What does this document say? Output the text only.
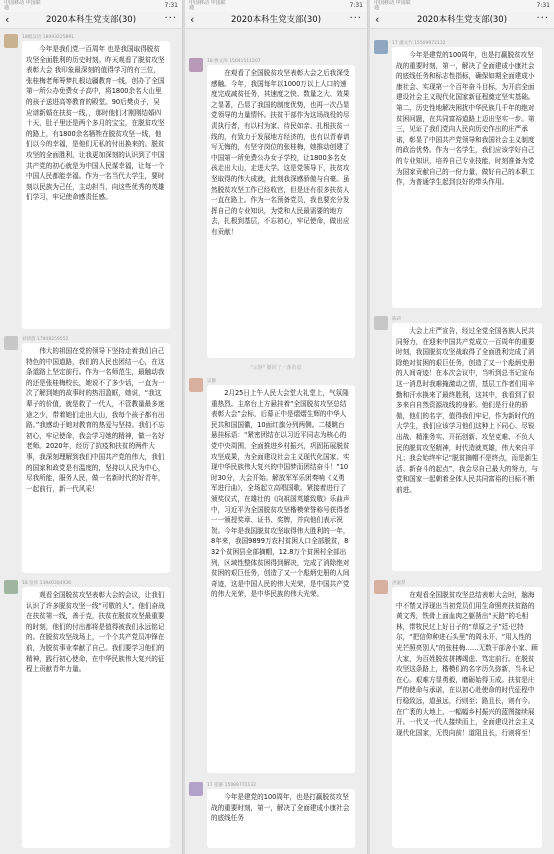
中国移动 中国联通	7:31
‹	2020本科生党支部(30)	···
18级汉语 18093225891

今年是我们党一百周年 也是我国取得脱贫攻坚全面胜利的历史时刻。昨天观看了脱贫攻坚表彰大会 我印象最深刻的值得学习的有三位，张桂梅老师筹梦扎根边疆教育一线，创办了全国第一所公办免费女子高中，将1800余名大山里的孩子送进高等教育的殿堂。90后樊贞子，吴应谱新婚在扶贫一线，，那时他们才刚刚结婚四十天，肚子里还是两个多月的宝宝，在脱贫攻坚的路上，有1800余名牺牲在脱贫攻坚一线，他们以今的幸福，是他们无私的付出换来的。脱贫攻坚的全面胜利，让我更加深刻的认识到了中国共产党的初心就是为中国人民谋幸福，让每一个中国人民都能幸福。作为一名当代大学生，要时刻以民族为己任，主动担当，向这些优秀的英雄们学习，牢记使命感责任感。

刘倩倩 17808259552

伟大的祖国在党的领导下坚持走着我们自己特色的中国道路，我们的人民也团结一心，在这条道路上坚定前行。作为一名师范生，最触动我的还是张桂梅校长，她说不了多少话，一直为一次了解到她的故事时的热泪盈眶，她说，“我这辈子的价值，就是救了一代人，不管教量最多迷途之少，带着她们走出大山，我每个孩子都有出路。”我感动于她对教育的热爱与坚持。我们不忘初心，牢记使命，我会学习她的精神，做一名好老师。2020年，经历了抗疫和扶贫的两件大事，我深刻理解到我们中国共产党的伟大，我们的国家和政党是有温度的，坚持以人民为中心，尽我所能，服务人民，做一名新时代的好青年，一起前行，新一代风采！

18 仪侦 13940304936

观看全国脱贫攻坚表彰大会的会议，让我们认识了许多脱贫攻坚一线“可敬的人”。他们奋战在扶贫第一线，善于克，扶贫在脱贫攻坚最重要的时刻，他们的付出都将是值得被我们永远铭记的。在脱贫攻坚战场上，一个个共产党员冲锋在前，为脱贫事业奉献了自己。我们要学习他们的精神，践行初心使命，在中华民族伟大复兴的征程上贡献青年力量。

中国移动 中国联通	7:31
‹	2020本科生党支部(30)	···
18 曹文涛 15041511207

在观看了全国脱贫攻坚表彰大会之后我深受感触。今年，我国每年以1000万以上人口的速度完成减贫任务，其速度之快、数量之大、效果之显著，凸显了我国的制度优势，也再一次凸显党领导的力量情怀。扶贫干部作为这场战役的尽责执行者，有以村为家、待民如亲、扎根扶贫一线的，有致力于发展地方经济的，也有以青春谱写无悔的，有坚守岗位的张桂梅，她推动创建了中国第一所免费公办女子学校，让1800多名女孩走出大山，走进大学。这是党领导下，扶贫攻坚取得的伟大成就，此刻我深感骄傲与自豪。虽然脱贫攻坚工作已经收官，但是还有很多扶贫人一直在路上。作为一名预备党员，我也要充分发挥自己的专业知识，为党和人民最需要的地方去，扎根到基层，不忘初心，牢记使命，做出应有贡献！

"宗静" 撤回了一条消息
吴静

2月25日上午人民大会堂大礼堂上，气氛隆重热烈。主席台上方悬挂着“全国脱贫攻坚总结表彰大会”会标，后幕正中是熠熠生辉的中华人民共和国国徽，10面红旗分列两侧。二楼眺台悬挂标语：“紧密团结在以习近平同志为核心的党中央周围，全面推进乡村振兴，巩固拓展脱贫攻坚成果，为全面建设社会主义现代化国家、实现中华民族伟大复兴的中国梦而团结奋斗！”10时30分，大会开始。解放军军乐团奏响《义勇军进行曲》，全场起立高唱国歌。紧接着进行了颁奖仪式，在雄壮的《向祖国英雄致敬》乐曲声中，习近平为全国脱贫攻坚楷模荣誉称号获得者一一颁授奖章、证书、奖牌，并向他们表示祝贺。今年是我国脱贫攻坚取得伟大胜利的一年，8年来，我国9899万农村贫困人口全部脱贫，832个贫困县全部摘帽，12.8万个贫困村全部出列，区域性整体贫困得到解决，完成了消除绝对贫困的艰巨任务，创造了又一个彪炳史册的人间奇迹，这是中国人民的伟大光荣，是中国共产党的伟大光荣，是中华民族的伟大光荣。

17 张静 15089772132

今年是建党的100周年，也是打赢脱贫攻坚战的重要时刻，第一，解决了全面建成小康社会的底线任务

中国移动 中国联通	7:31
‹	2020本科生党支部(30)	···
17 潘文竹 15509972132

今年是建党的100周年，也是打赢脱贫攻坚战的重要时刻，第一，解决了全面建成小康社会的底线任务和标志性指标，确保如期全面建成小康社会、实现第一个百年奋斗目标，为开启全面建设社会主义现代化国家新征程奠定坚实基础。第二，历史性地解决困扰中华民族几千年的绝对贫困问题，在共同富裕道路上迈出坚实一步。第三，见证了我们党向人民向历史作出的庄严承诺，彰显了中国共产党领导和我国社会主义制度的政治优势。作为一名学生，我们应该学好自己的专业知识，培养自己专业技能，时刻准备为党为国家贡献自己的一份力量，做好自己的本职工作，为普通学生起到良好的带头作用。

陈莉

大会上庄严宣告，经过全党全国各族人民共同努力，在迎来中国共产党成立一百周年的重要时刻，我国脱贫攻坚战取得了全面胜利完成了消除绝对贫困的艰巨任务，创造了又一个彪炳史册的人间奇迹！在本次会议中，当听到总书记宣布这一消息时我难掩激动之情，基层工作者们用辛勤和汗水换来了最终胜利，这其中，我看到了很多来自自然资源战线的身影。他们是行业的骄傲，他们的名字，值得我们牢记，作为新时代的大学生，我们应该学习他们这种上下同心、尽锐出战、精准务实、开拓创新、攻坚克难、不负人民的脱贫攻坚精神，时代造就英雄，伟大来自平凡；我会始终牢记“脱贫摘帽不是终点，而是新生活、新奋斗的起点”，我会尽自己最大的努力，与党和国家一起朝着全体人民共同富裕的目标不断前进。

洪嘉梦

在观看全国脱贫攻坚总结表彰大会时，脑海中不禁又浮现出当初党员们用生命照亮扶贫路的黄文秀，铁骨上面血肉之躯凿出“天路”的毛相林，带牧民过上好日子的“草原之子”廷·巴特尔，“把信仰种进石头里”的周永开，“用人性的光芒照亮别人”的张桂梅……无数干部舍小家、顾大家，为百姓脱贫拼搏竭虑、笃定前行。在脱贫攻坚这条路上，楷模们的名字历久弥新，当永记在心。艰难方显勇毅，磨砺始得玉成。扶贫是庄严的使命与承诺，在以初心赴使命的时代征程中行稳致远，道虽远，行则至；路且长，则有今。在广袤的大地上，一幅幅乡村振兴的蓝图接续展开。一代又一代人接续而上，全面建设社会主义现代化国家，无畏向前！道阻且长，行则将至！
